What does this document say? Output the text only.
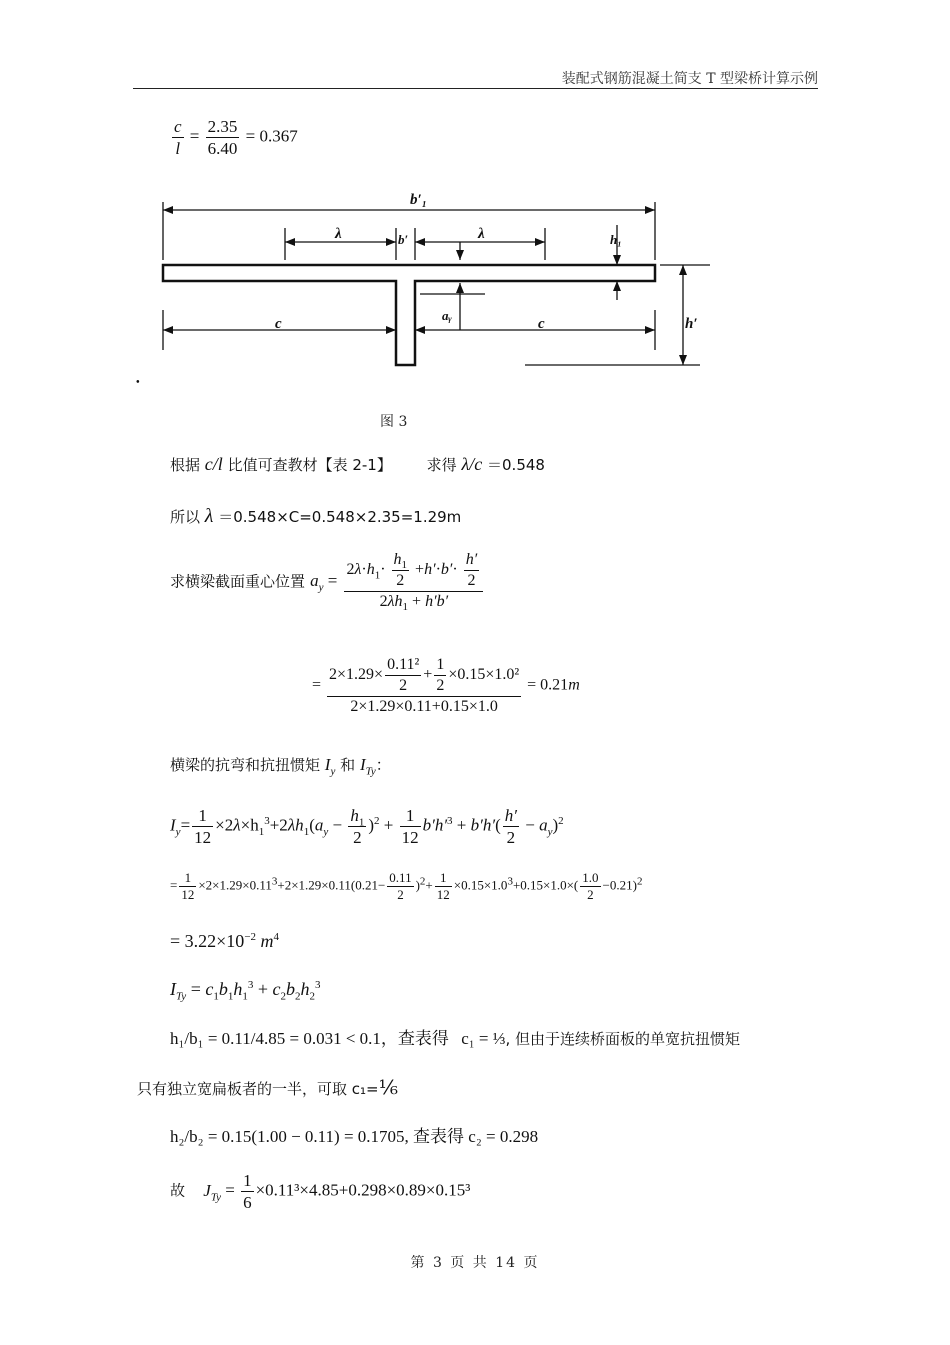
装配式钢筋混凝土简支 T 型梁桥计算示例
$\frac{c}{l} = \frac{2.35}{6.40} = 0.367$
b′₁
λ	b′	λ	h₁
h′
c	c
aᵧ
•
图 3
根据 c/l 比值可查教材【表 2-1】 求得 λ/c ＝0.548
所以 λ ＝0.548×C=0.548×2.35=1.29m
求横梁截面重心位置 $a_y = \frac{2\lambda\cdot h_1\cdot \frac{h_1}{2} +h'\cdot b'\cdot \frac{h'}{2}}{2\lambda h_1 + h'b'}$
= $\frac{2\times 1.29\times \frac{\text{0.11²}}{2} + \frac{1}{2} \times 0.15\times 1.0^2}{2\times 1.29\times 0.11+0.15\times 1.0} = 0.21m$
横梁的抗弯和抗扭惯矩 $I_y$ 和 $I_{Ty}$：
$I_y= \frac{1}{12} \times 2\lambda\times h_1^3+2\lambda h_1(a_y - \frac{h_1}{2} )^2 + \frac{1}{12} b'h'^3 + b'h'( \frac{h'}{2} - a_y)^2$
= $\frac{1}{12} \times 2\times 1.29\times 0.11^3+2\times 1.29\times 0.11(0.21- \frac{0.11}{2} )^2+ \frac{1}{12} \times 0.15\times 1.0^3+0.15\times 1.0\times( \frac{1.0}{2} -0.21)^2$
= $3.22\times 10^{-2}$ $m^4$
$I_{Ty} = c_1b_1h_1^3 + c_2b_2h_2^3$
h₁/b₁ = 0.11/4.85 = 0.031 < 0.1，查表得 c₁ = ⅓, 但由于连续桥面板的单宽抗扭惯矩
只有独立宽扁板者的一半，可取 c₁=⅙
h₂/b₂ = 0.15(1.00 − 0.11) = 0.1705, 查表得 c₂ = 0.298
故 $J_{Ty} = \frac{1}{6} \times 0.11^3\times 4.85+0.298\times 0.89\times 0.15^3$
第 3 页 共 14 页
